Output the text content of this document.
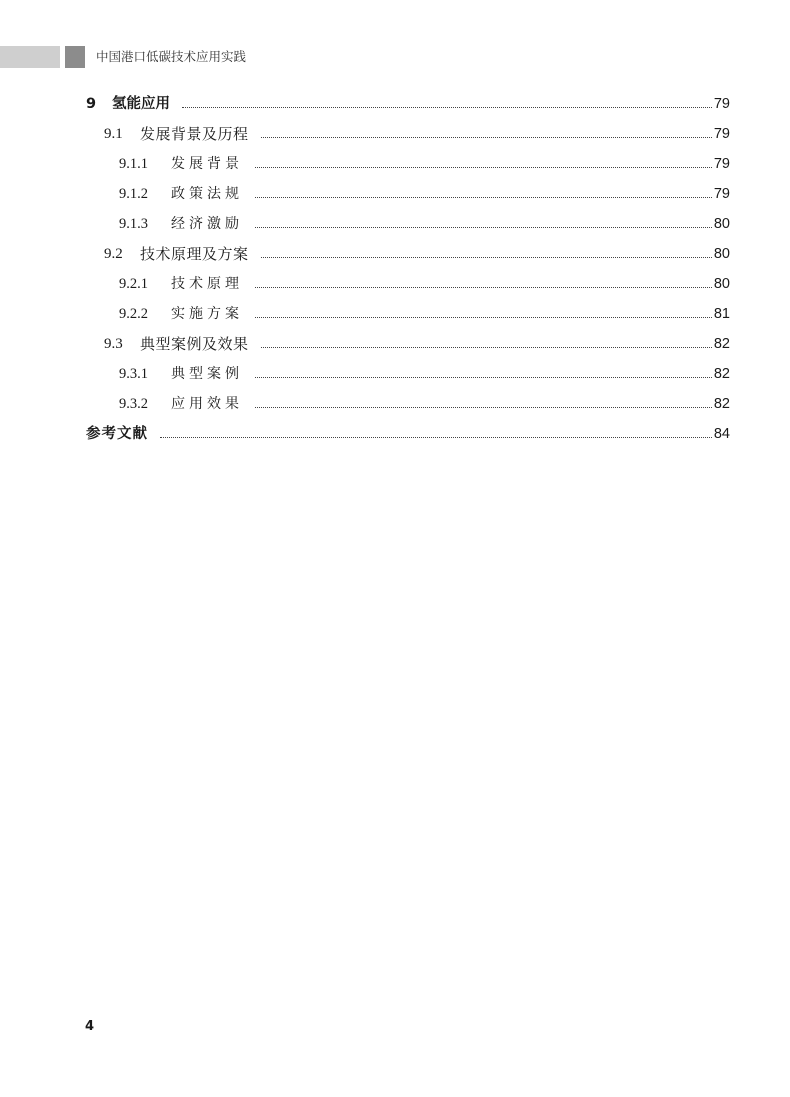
中国港口低碳技术应用实践
9	氢能应用	79
9.1	发展背景及历程	79
9.1.1	发展背景	79
9.1.2	政策法规	79
9.1.3	经济激励	80
9.2	技术原理及方案	80
9.2.1	技术原理	80
9.2.2	实施方案	81
9.3	典型案例及效果	82
9.3.1	典型案例	82
9.3.2	应用效果	82
参考文献	84
4
